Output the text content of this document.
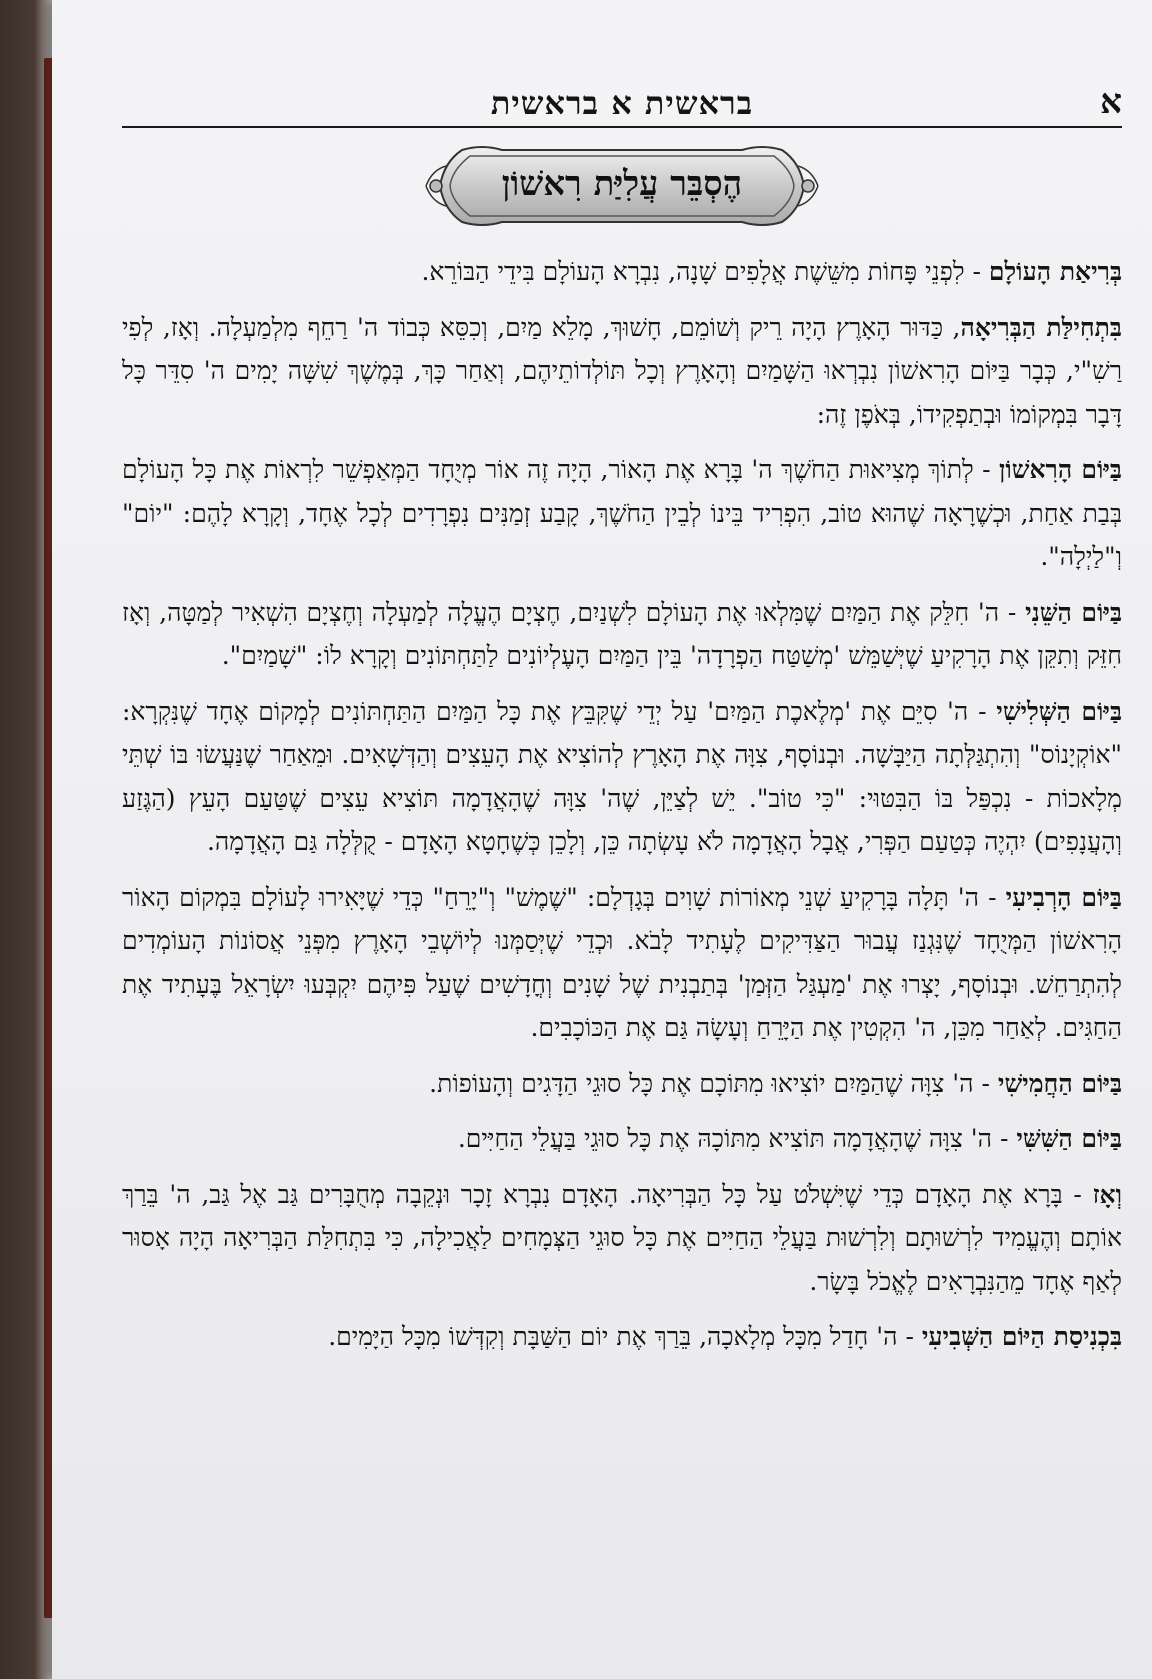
א
בראשית א בראשית
הֶסְבֵּר עֲלִיַּת רִאשׁוֹן

בְּרִיאַת הָעוֹלָם - לִפְנֵי פָּחוֹת מִשֵּׁשֶׁת אֲלָפִים שָׁנָה, נִבְרָא הָעוֹלָם בִּידֵי הַבּוֹרֵא.

בִּתְחִילַּת הַבְּרִיאָה, כַּדּוּר הָאָרֶץ הָיָה רֵיק וְשׁוֹמֵם, חָשׁוּךְ, מָלֵא מַיִם, וְכִסֵּא כְּבוֹד ה' רַחֵף מִלְמַעְלָה. וְאָז, לְפִי רַשִׁ"י, כְּבָר בַּיּוֹם הָרִאשׁוֹן נִבְרְאוּ הַשָּׁמַיִם וְהָאָרֶץ וְכָל תּוֹלְדוֹתֵיהֶם, וְאַחַר כָּךְ, בְּמֶשֶׁךְ שִׁשָּׁה יָמִים ה' סִדֵּר כָּל דָּבָר בִּמְקוֹמוֹ וּבְתַפְקִידוֹ, בְּאֹפֶן זֶה:

בַּיּוֹם הָרִאשׁוֹן - לְתוֹךְ מְצִיאוּת הַחֹשֶׁךְ ה' בָּרָא אֶת הָאוֹר, הָיָה זֶה אוֹר מְיֻחָד הַמְּאַפְשֵׁר לִרְאוֹת אֶת כָּל הָעוֹלָם בְּבַת אַחַת, וּכְשֶׁרָאָה שֶׁהוּא טוֹב, הִפְרִיד בֵּינוֹ לְבֵין הַחֹשֶׁךְ, קָבַע זְמַנִּים נִפְרָדִים לְכָל אֶחָד, וְקָרָא לָהֶם: "יוֹם" וְ"לַיְלָה".

בַּיּוֹם הַשֵּׁנִי - ה' חִלֵּק אֶת הַמַּיִם שֶׁמִּלְאוּ אֶת הָעוֹלָם לִשְׁנַיִם, חֶצְיָם הֶעֱלָה לְמַעְלָה וְחֶצְיָם הִשְׁאִיר לְמַטָּה, וְאָז חִזֵּק וְתִקֵּן אֶת הָרָקִיעַ שֶׁיְּשַׁמֵּשׁ 'מְשַׁטַּח הַפְרָדָה' בֵּין הַמַּיִם הָעֶלְיוֹנִים לַתַּחְתּוֹנִים וְקָרָא לוֹ: "שָׁמַיִם".

בַּיּוֹם הַשְּׁלִישִׁי - ה' סִיֵּם אֶת 'מְלֶאכֶת הַמַּיִם' עַל יְדֵי שֶׁקִּבֵּץ אֶת כָּל הַמַּיִם הַתַּחְתּוֹנִים לְמָקוֹם אֶחָד שֶׁנִּקְרָא: "אוֹקְיָנוֹס" וְהִתְגַּלְּתָה הַיַּבָּשָׁה. וּבְנוֹסָף, צִוָּה אֶת הָאָרֶץ לְהוֹצִיא אֶת הָעֵצִים וְהַדְּשָׁאִים. וּמֵאַחַר שֶׁנַּעֲשׂוּ בּוֹ שְׁתֵּי מְלָאכוֹת - נִכְפַּל בּוֹ הַבִּטּוּי: "כִּי טוֹב". יֵשׁ לְצַיֵּן, שֶׁה' צִוָּה שֶׁהָאֲדָמָה תּוֹצִיא עֵצִים שֶׁטַּעַם הָעֵץ (הַגֶּזַע וְהָעֲנָפִים) יִהְיֶה כְּטַעַם הַפְּרִי, אֲבָל הָאֲדָמָה לֹא עָשְׂתָה כֵּן, וְלָכֵן כְּשֶׁחָטָא הָאָדָם - קֻלְּלָה גַּם הָאֲדָמָה.

בַּיּוֹם הָרְבִיעִי - ה' תָּלָה בָּרָקִיעַ שְׁנֵי מְאוֹרוֹת שָׁוִים בְּגָדְלָם: "שֶׁמֶשׁ" וְ"יָרֵחַ" כְּדֵי שֶׁיָּאִירוּ לָעוֹלָם בִּמְקוֹם הָאוֹר הָרִאשׁוֹן הַמְּיֻחָד שֶׁנִּגְנַז עֲבוּר הַצַּדִּיקִים לֶעָתִיד לָבֹא. וּכְדֵי שֶׁיְּסַמְּנוּ לְיוֹשְׁבֵי הָאָרֶץ מִפְּנֵי אֲסוֹנוֹת הָעוֹמְדִים לְהִתְרַחֵשׁ. וּבְנוֹסָף, יָצְרוּ אֶת 'מַעְגַּל הַזְּמַן' בְּתַבְנִית שֶׁל שָׁנִים וְחֳדָשִׁים שֶׁעַל פִּיהֶם יִקְבְּעוּ יִשְׂרָאֵל בֶּעָתִיד אֶת הַחַגִּים. לְאַחַר מִכֵּן, ה' הִקְטִין אֶת הַיָּרֵחַ וְעָשָׂה גַּם אֶת הַכּוֹכָבִים.

בַּיּוֹם הַחֲמִישִׁי - ה' צִוָּה שֶׁהַמַּיִם יוֹצִיאוּ מִתּוֹכָם אֶת כָּל סוּגֵי הַדָּגִים וְהָעוֹפוֹת.

בַּיּוֹם הַשִּׁשִּׁי - ה' צִוָּה שֶׁהָאֲדָמָה תּוֹצִיא מִתּוֹכָהּ אֶת כָּל סוּגֵי בַּעֲלֵי הַחַיִּים.

וְאָז - בָּרָא אֶת הָאָדָם כְּדֵי שֶׁיִּשְׁלֹט עַל כָּל הַבְּרִיאָה. הָאָדָם נִבְרָא זָכָר וּנְקֵבָה מְחֻבָּרִים גַּב אֶל גַּב, ה' בֵּרַךְ אוֹתָם וְהֶעֱמִיד לִרְשׁוּתָם וְלִרְשׁוּת בַּעֲלֵי הַחַיִּים אֶת כָּל סוּגֵי הַצְּמָחִים לַאֲכִילָה, כִּי בִּתְחִלַּת הַבְּרִיאָה הָיָה אָסוּר לְאַף אֶחָד מֵהַנִּבְרָאִים לֶאֱכֹל בָּשָׂר.

בִּכְנִיסַת הַיּוֹם הַשְּׁבִיעִי - ה' חָדַל מִכָּל מְלָאכָה, בֵּרַךְ אֶת יוֹם הַשַּׁבָּת וְקִדְּשׁוֹ מִכָּל הַיָּמִים.
